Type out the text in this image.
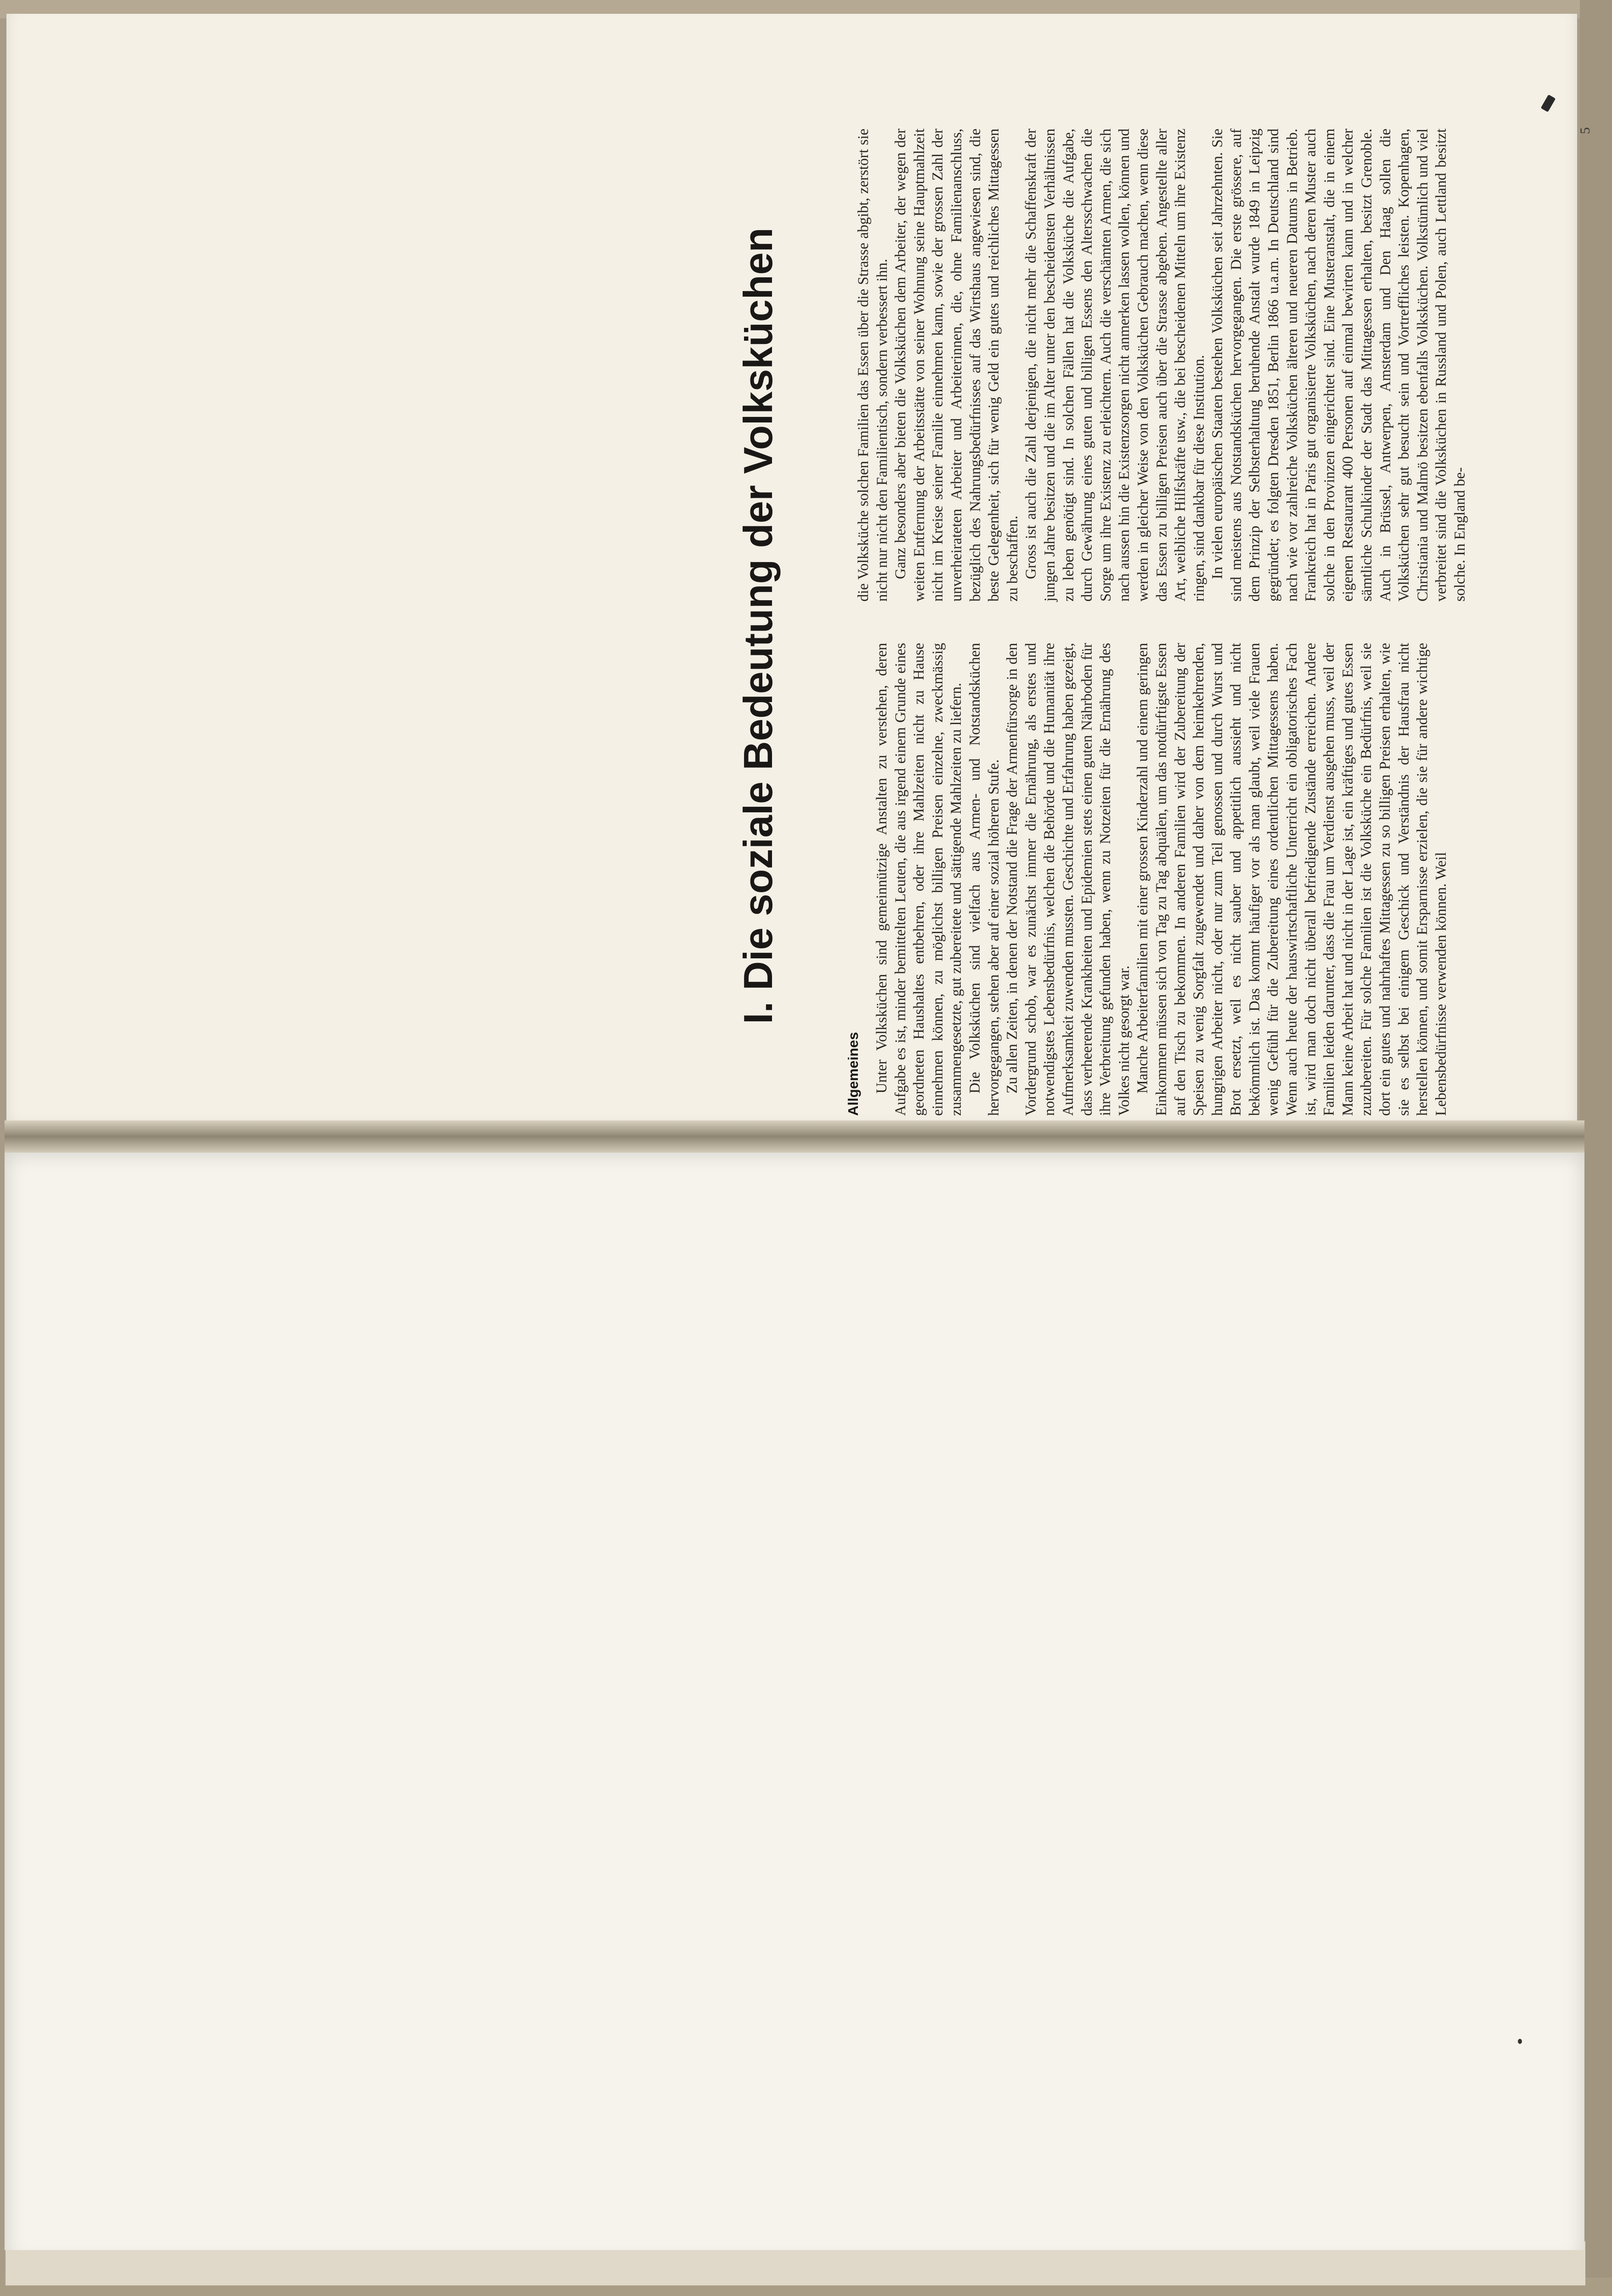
I. Die soziale Bedeutung der Volksküchen
Allgemeines Unter Volksküchen sind gemeinnützige Anstalten zu verstehen, deren Aufgabe es ist, minder bemittelten Leuten, die aus irgend einem Grunde eines geordneten Haushaltes entbehren, oder ihre Mahlzeiten nicht zu Hause einnehmen können, zu möglichst billigen Preisen einzelne, zweckmässig zusammengesetzte, gut zubereitete und sättigende Mahlzeiten zu liefern. Die Volksküchen sind vielfach aus Armen- und Notstandsküchen hervorgegangen, stehen aber auf einer sozial höheren Stufe. Zu allen Zeiten, in denen der Notstand die Frage der Armenfürsorge in den Vordergrund schob, war es zunächst immer die Ernährung, als erstes und notwendigstes Lebensbedürfnis, welchen die Behörde und die Humanität ihre Aufmerksamkeit zuwenden mussten. Geschichte und Erfahrung haben gezeigt, dass verheerende Krankheiten und Epidemien stets einen guten Nährboden für ihre Verbreitung gefunden haben, wenn zu Notzeiten für die Ernährung des Volkes nicht gesorgt war. Manche Arbeiterfamilien mit einer grossen Kinderzahl und einem geringen Einkommen müssen sich von Tag zu Tag abquälen, um das notdürftigste Essen auf den Tisch zu bekommen. In anderen Familien wird der Zubereitung der Speisen zu wenig Sorgfalt zugewendet und daher von dem heimkehrenden, hungrigen Arbeiter nicht, oder nur zum Teil genossen und durch Wurst und Brot ersetzt, weil es nicht sauber und appetitlich aussieht und nicht bekömmlich ist. Das kommt häufiger vor als man glaubt, weil viele Frauen wenig Gefühl für die Zubereitung eines ordentlichen Mittagessens haben. Wenn auch heute der hauswirtschaftliche Unterricht ein obligatorisches Fach ist, wird man doch nicht überall befriedigende Zustände erreichen. Andere Familien leiden darunter, dass die Frau um Verdienst ausgehen muss, weil der Mann keine Arbeit hat und nicht in der Lage ist, ein kräftiges und gutes Essen zuzubereiten. Für solche Familien ist die Volksküche ein Bedürfnis, weil sie dort ein gutes und nahrhaftes Mittagessen zu so billigen Preisen erhalten, wie sie es selbst bei einigem Geschick und Verständnis der Hausfrau nicht herstellen können, und somit Ersparnisse erzielen, die sie für andere wichtige Lebensbedürfnisse verwenden können. Weil

die Volksküche solchen Familien das Essen über die Strasse abgibt, zerstört sie nicht nur nicht den Familientisch, sondern verbessert ihn. Ganz besonders aber bieten die Volksküchen dem Arbeiter, der wegen der weiten Entfernung der Arbeitsstätte von seiner Wohnung seine Hauptmahlzeit nicht im Kreise seiner Familie einnehmen kann, sowie der grossen Zahl der unverheirateten Arbeiter und Arbeiterinnen, die, ohne Familienanschluss, bezüglich des Nahrungsbedürfnisses auf das Wirtshaus angewiesen sind, die beste Gelegenheit, sich für wenig Geld ein gutes und reichliches Mittagessen zu beschaffen. Gross ist auch die Zahl derjenigen, die nicht mehr die Schaffenskraft der jungen Jahre besitzen und die im Alter unter den bescheidensten Verhältnissen zu leben genötigt sind. In solchen Fällen hat die Volksküche die Aufgabe, durch Gewährung eines guten und billigen Essens den Altersschwachen die Sorge um ihre Existenz zu erleichtern. Auch die verschämten Armen, die sich nach aussen hin die Existenzsorgen nicht anmerken lassen wollen, können und werden in gleicher Weise von den Volksküchen Gebrauch machen, wenn diese das Essen zu billigen Preisen auch über die Strasse abgeben. Angestellte aller Art, weibliche Hilfskräfte usw., die bei bescheidenen Mitteln um ihre Existenz ringen, sind dankbar für diese Institution. In vielen europäischen Staaten bestehen Volksküchen seit Jahrzehnten. Sie sind meistens aus Notstandsküchen hervorgegangen. Die erste grössere, auf dem Prinzip der Selbsterhaltung beruhende Anstalt wurde 1849 in Leipzig gegründet; es folgten Dresden 1851, Berlin 1866 u.a.m. In Deutschland sind nach wie vor zahlreiche Volksküchen älteren und neueren Datums in Betrieb. Frankreich hat in Paris gut organisierte Volksküchen, nach deren Muster auch solche in den Provinzen eingerichtet sind. Eine Musteranstalt, die in einem eigenen Restaurant 400 Personen auf einmal bewirten kann und in welcher sämtliche Schulkinder der Stadt das Mittagessen erhalten, besitzt Grenoble. Auch in Brüssel, Antwerpen, Amsterdam und Den Haag sollen die Volksküchen sehr gut besucht sein und Vortreffliches leisten. Kopenhagen, Christiania und Malmö besitzen ebenfalls Volksküchen. Volkstümlich und viel verbreitet sind die Volksküchen in Russland und Polen, auch Lettland besitzt solche. In England be-

5
